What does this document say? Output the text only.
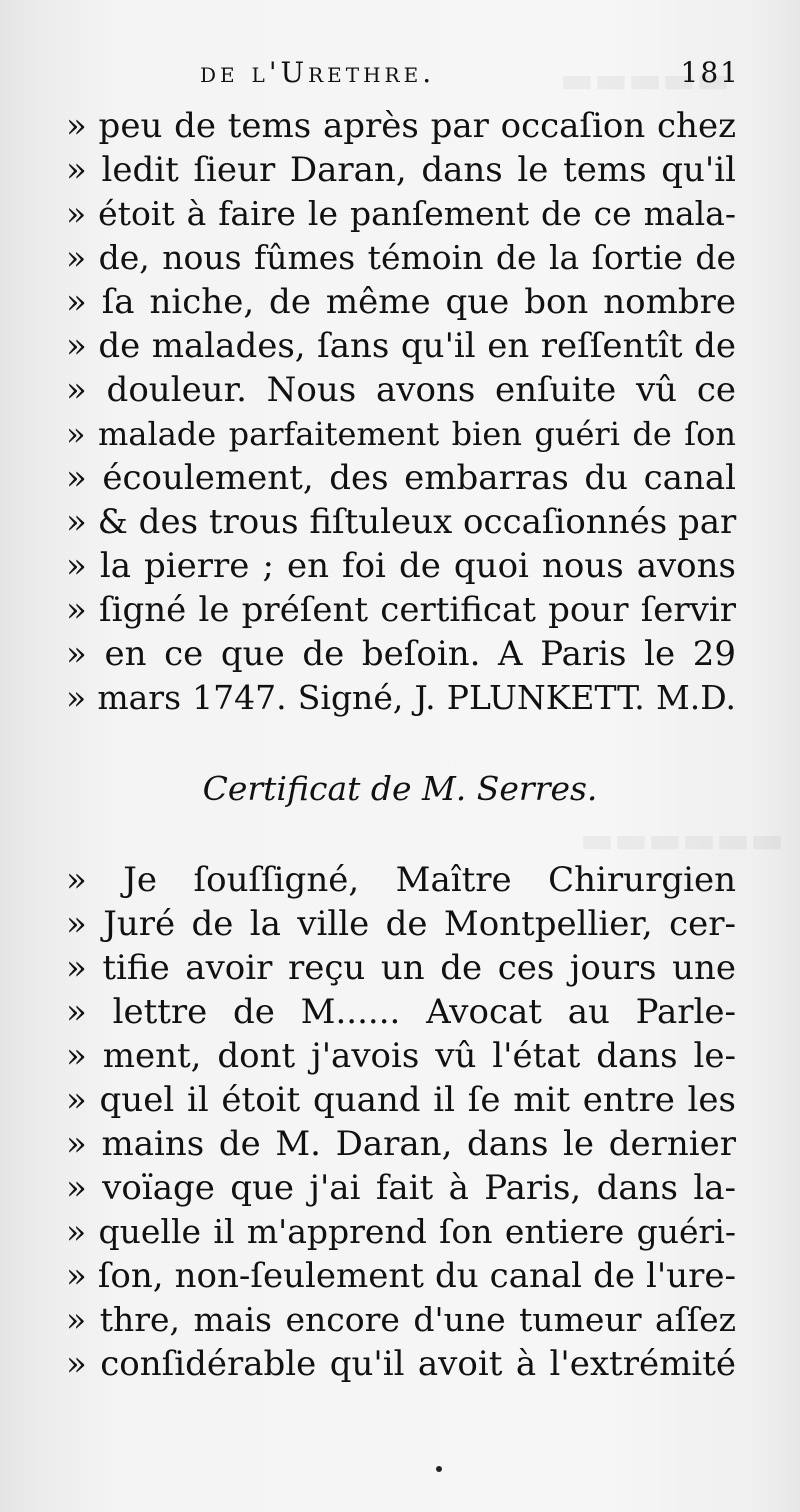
de l'Urethre.	181
» peu de tems après par occaſion chez
» ledit ſieur Daran, dans le tems qu'il
» étoit à faire le panſement de ce mala-
» de, nous fûmes témoin de la ſortie de
» ſa niche, de même que bon nombre
» de malades, ſans qu'il en reſſentît de
» douleur. Nous avons enſuite vû ce
» malade parfaitement bien guéri de ſon
» écoulement, des embarras du canal
» & des trous fiſtuleux occaſionnés par
» la pierre ; en foi de quoi nous avons
» ſigné le préſent certificat pour ſervir
» en ce que de beſoin. A Paris le 29
» mars 1747. Signé, J. PLUNKETT. M.D.
Certificat de M. Serres.
» Je ſouſſigné, Maître Chirurgien
» Juré de la ville de Montpellier, cer-
» tifie avoir reçu un de ces jours une
» lettre de M...... Avocat au Parle-
» ment, dont j'avois vû l'état dans le-
» quel il étoit quand il ſe mit entre les
» mains de M. Daran, dans le dernier
» voïage que j'ai fait à Paris, dans la-
» quelle il m'apprend ſon entiere guéri-
» ſon, non-ſeulement du canal de l'ure-
» thre, mais encore d'une tumeur aſſez
» conſidérable qu'il avoit à l'extrémité
